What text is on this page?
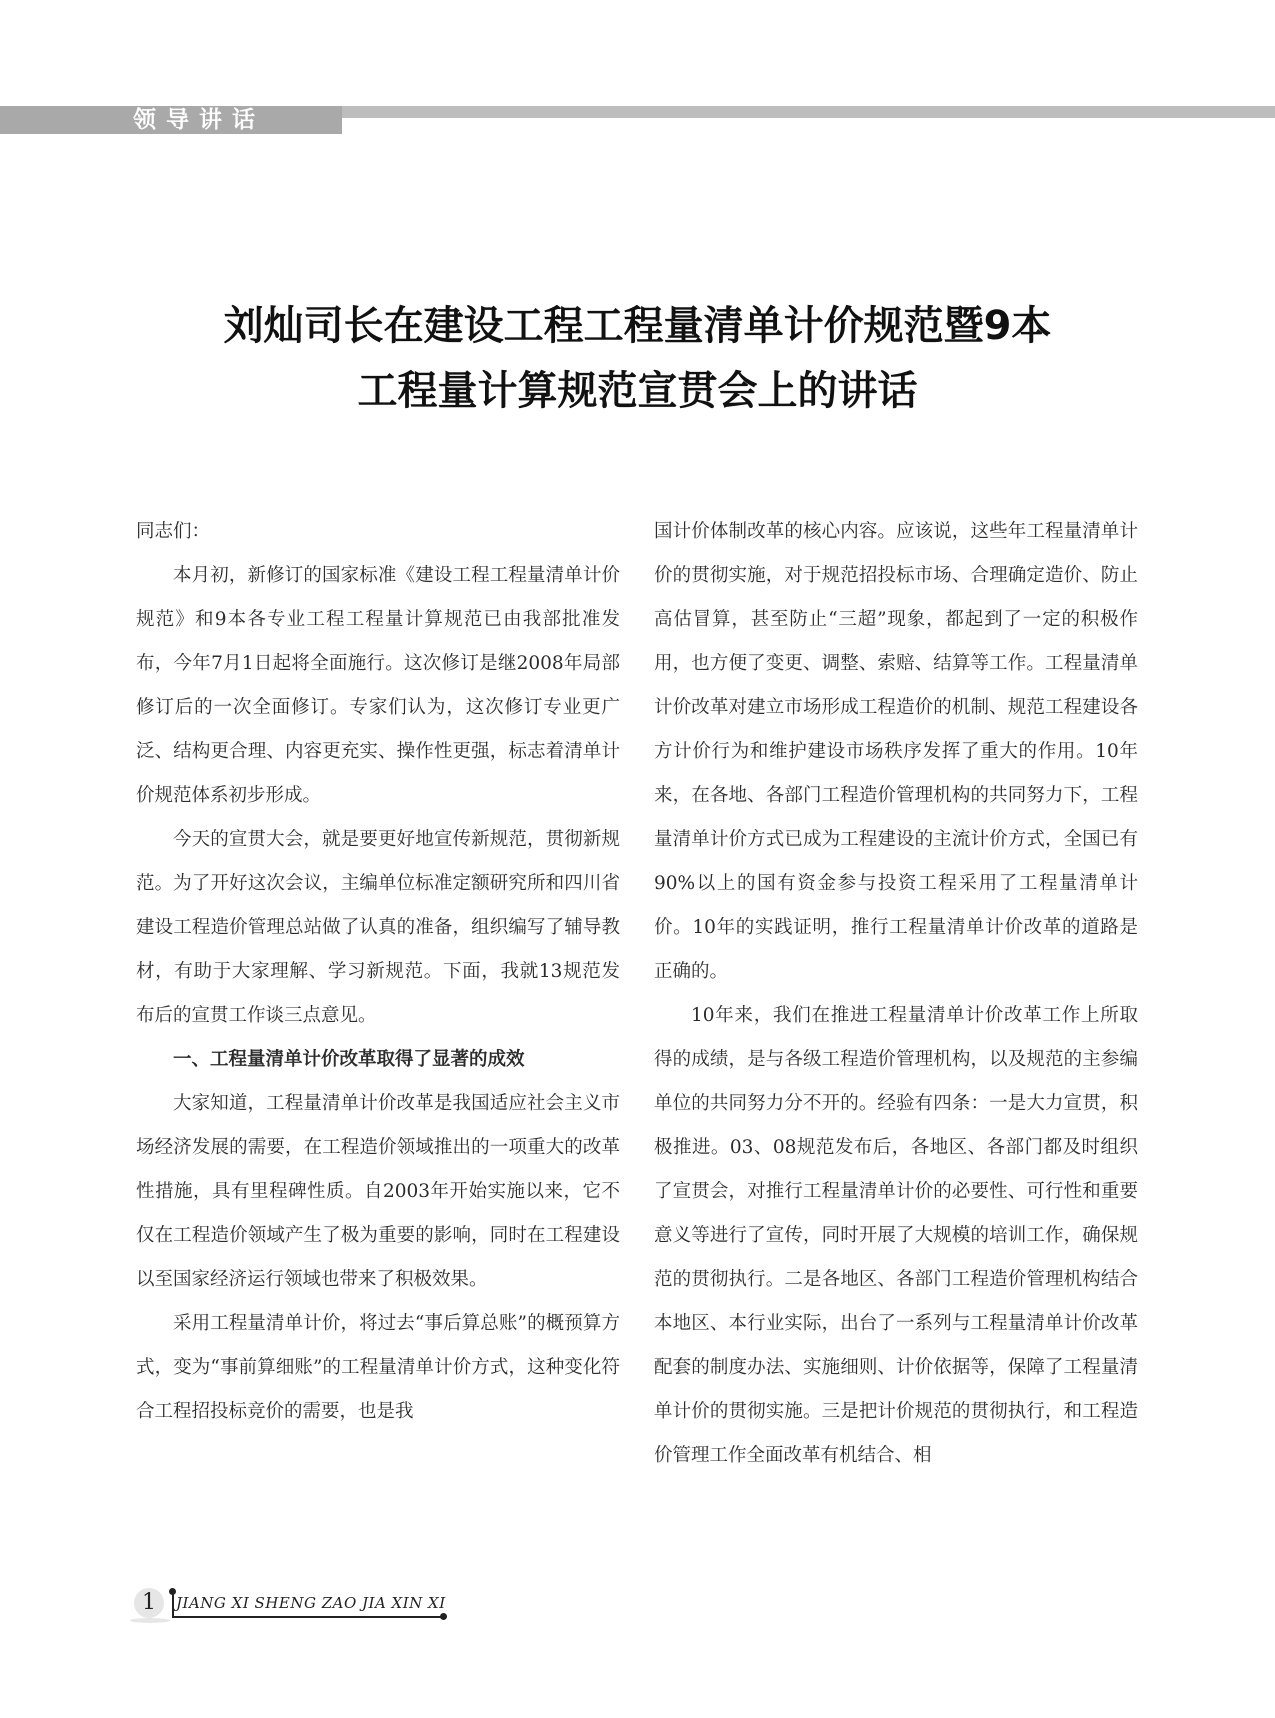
领导讲话
刘灿司长在建设工程工程量清单计价规范暨9本
工程量计算规范宣贯会上的讲话

同志们：

本月初，新修订的国家标准《建设工程工程量清单计价规范》和9本各专业工程工程量计算规范已由我部批准发布，今年7月1日起将全面施行。这次修订是继2008年局部修订后的一次全面修订。专家们认为，这次修订专业更广泛、结构更合理、内容更充实、操作性更强，标志着清单计价规范体系初步形成。

今天的宣贯大会，就是要更好地宣传新规范，贯彻新规范。为了开好这次会议，主编单位标准定额研究所和四川省建设工程造价管理总站做了认真的准备，组织编写了辅导教材，有助于大家理解、学习新规范。下面，我就13规范发布后的宣贯工作谈三点意见。

一、工程量清单计价改革取得了显著的成效

大家知道，工程量清单计价改革是我国适应社会主义市场经济发展的需要，在工程造价领域推出的一项重大的改革性措施，具有里程碑性质。自2003年开始实施以来，它不仅在工程造价领域产生了极为重要的影响，同时在工程建设以至国家经济运行领域也带来了积极效果。

采用工程量清单计价，将过去“事后算总账”的概预算方式，变为“事前算细账”的工程量清单计价方式，这种变化符合工程招投标竞价的需要，也是我

国计价体制改革的核心内容。应该说，这些年工程量清单计价的贯彻实施，对于规范招投标市场、合理确定造价、防止高估冒算，甚至防止“三超”现象，都起到了一定的积极作用，也方便了变更、调整、索赔、结算等工作。工程量清单计价改革对建立市场形成工程造价的机制、规范工程建设各方计价行为和维护建设市场秩序发挥了重大的作用。10年来，在各地、各部门工程造价管理机构的共同努力下，工程量清单计价方式已成为工程建设的主流计价方式，全国已有90%以上的国有资金参与投资工程采用了工程量清单计价。10年的实践证明，推行工程量清单计价改革的道路是正确的。

10年来，我们在推进工程量清单计价改革工作上所取得的成绩，是与各级工程造价管理机构，以及规范的主参编单位的共同努力分不开的。经验有四条：一是大力宣贯，积极推进。03、08规范发布后，各地区、各部门都及时组织了宣贯会，对推行工程量清单计价的必要性、可行性和重要意义等进行了宣传，同时开展了大规模的培训工作，确保规范的贯彻执行。二是各地区、各部门工程造价管理机构结合本地区、本行业实际，出台了一系列与工程量清单计价改革配套的制度办法、实施细则、计价依据等，保障了工程量清单计价的贯彻实施。三是把计价规范的贯彻执行，和工程造价管理工作全面改革有机结合、相

1	JIANG XI SHENG ZAO JIA XIN XI
